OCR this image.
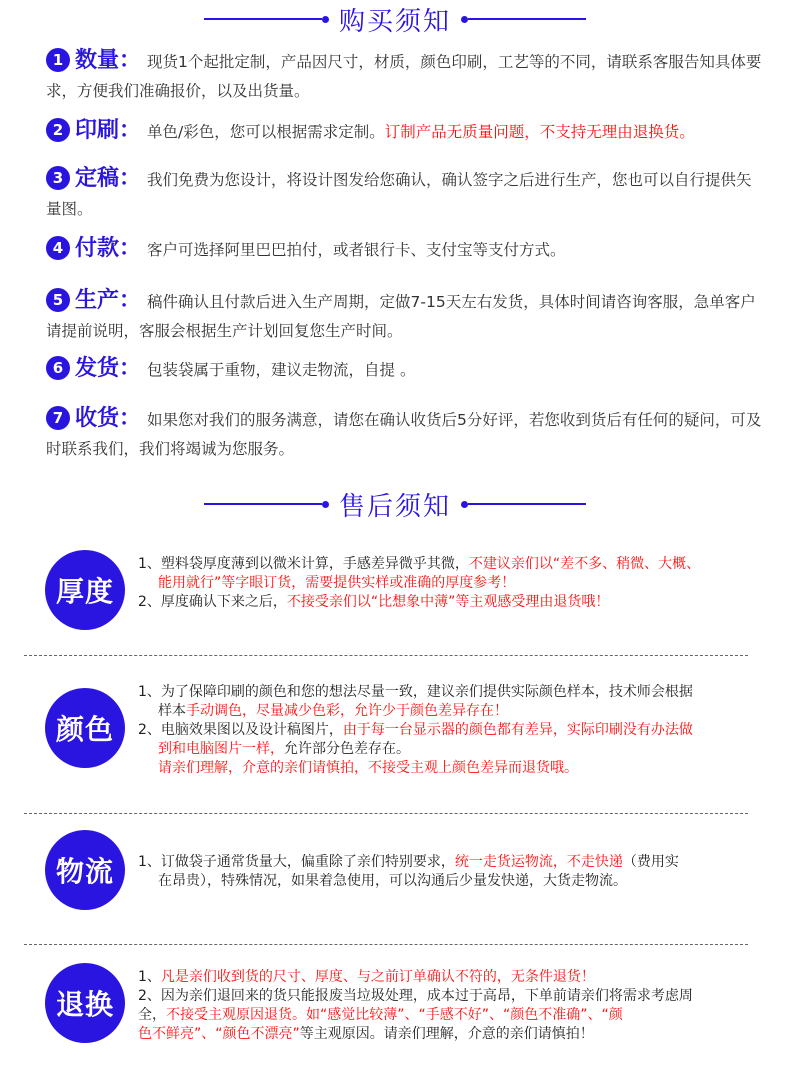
购买须知
1 数量： 现货1个起批定制，产品因尺寸，材质，颜色印刷，工艺等的不同，请联系客服告知具体要求，方便我们准确报价，以及出货量。
2 印刷： 单色/彩色，您可以根据需求定制。订制产品无质量问题，不支持无理由退换货。
3 定稿： 我们免费为您设计，将设计图发给您确认，确认签字之后进行生产，您也可以自行提供矢量图。
4 付款： 客户可选择阿里巴巴拍付，或者银行卡、支付宝等支付方式。
5 生产： 稿件确认且付款后进入生产周期，定做7-15天左右发货，具体时间请咨询客服，急单客户请提前说明，客服会根据生产计划回复您生产时间。
6 发货： 包装袋属于重物，建议走物流，自提 。
7 收货： 如果您对我们的服务满意，请您在确认收货后5分好评，若您收到货后有任何的疑问，可及时联系我们，我们将竭诚为您服务。
售后须知
厚度

1、塑料袋厚度薄到以微米计算，手感差异微乎其微，不建议亲们以“差不多、稍微、大概、

能用就行”等字眼订货，需要提供实样或准确的厚度参考！

2、厚度确认下来之后，不接受亲们以“比想象中薄”等主观感受理由退货哦！

颜色

1、为了保障印刷的颜色和您的想法尽量一致，建议亲们提供实际颜色样本，技术师会根据

样本手动调色，尽量减少色彩，允许少于颜色差异存在！

2、电脑效果图以及设计稿图片，由于每一台显示器的颜色都有差异，实际印刷没有办法做

到和电脑图片一样，允许部分色差存在。

请亲们理解，介意的亲们请慎拍，不接受主观上颜色差异而退货哦。

物流	1、订做袋子通常货量大，偏重除了亲们特别要求，统一走货运物流，不走快递（费用实

在昂贵），特殊情况，如果着急使用，可以沟通后少量发快递，大货走物流。

退换

1、凡是亲们收到货的尺寸、厚度、与之前订单确认不符的，无条件退货！

2、因为亲们退回来的货只能报废当垃圾处理，成本过于高昂，下单前请亲们将需求考虑周

全，不接受主观原因退货。如“感觉比较薄”、“手感不好”、“颜色不准确”、“颜

色不鲜亮”、“颜色不漂亮”等主观原因。请亲们理解，介意的亲们请慎拍！
